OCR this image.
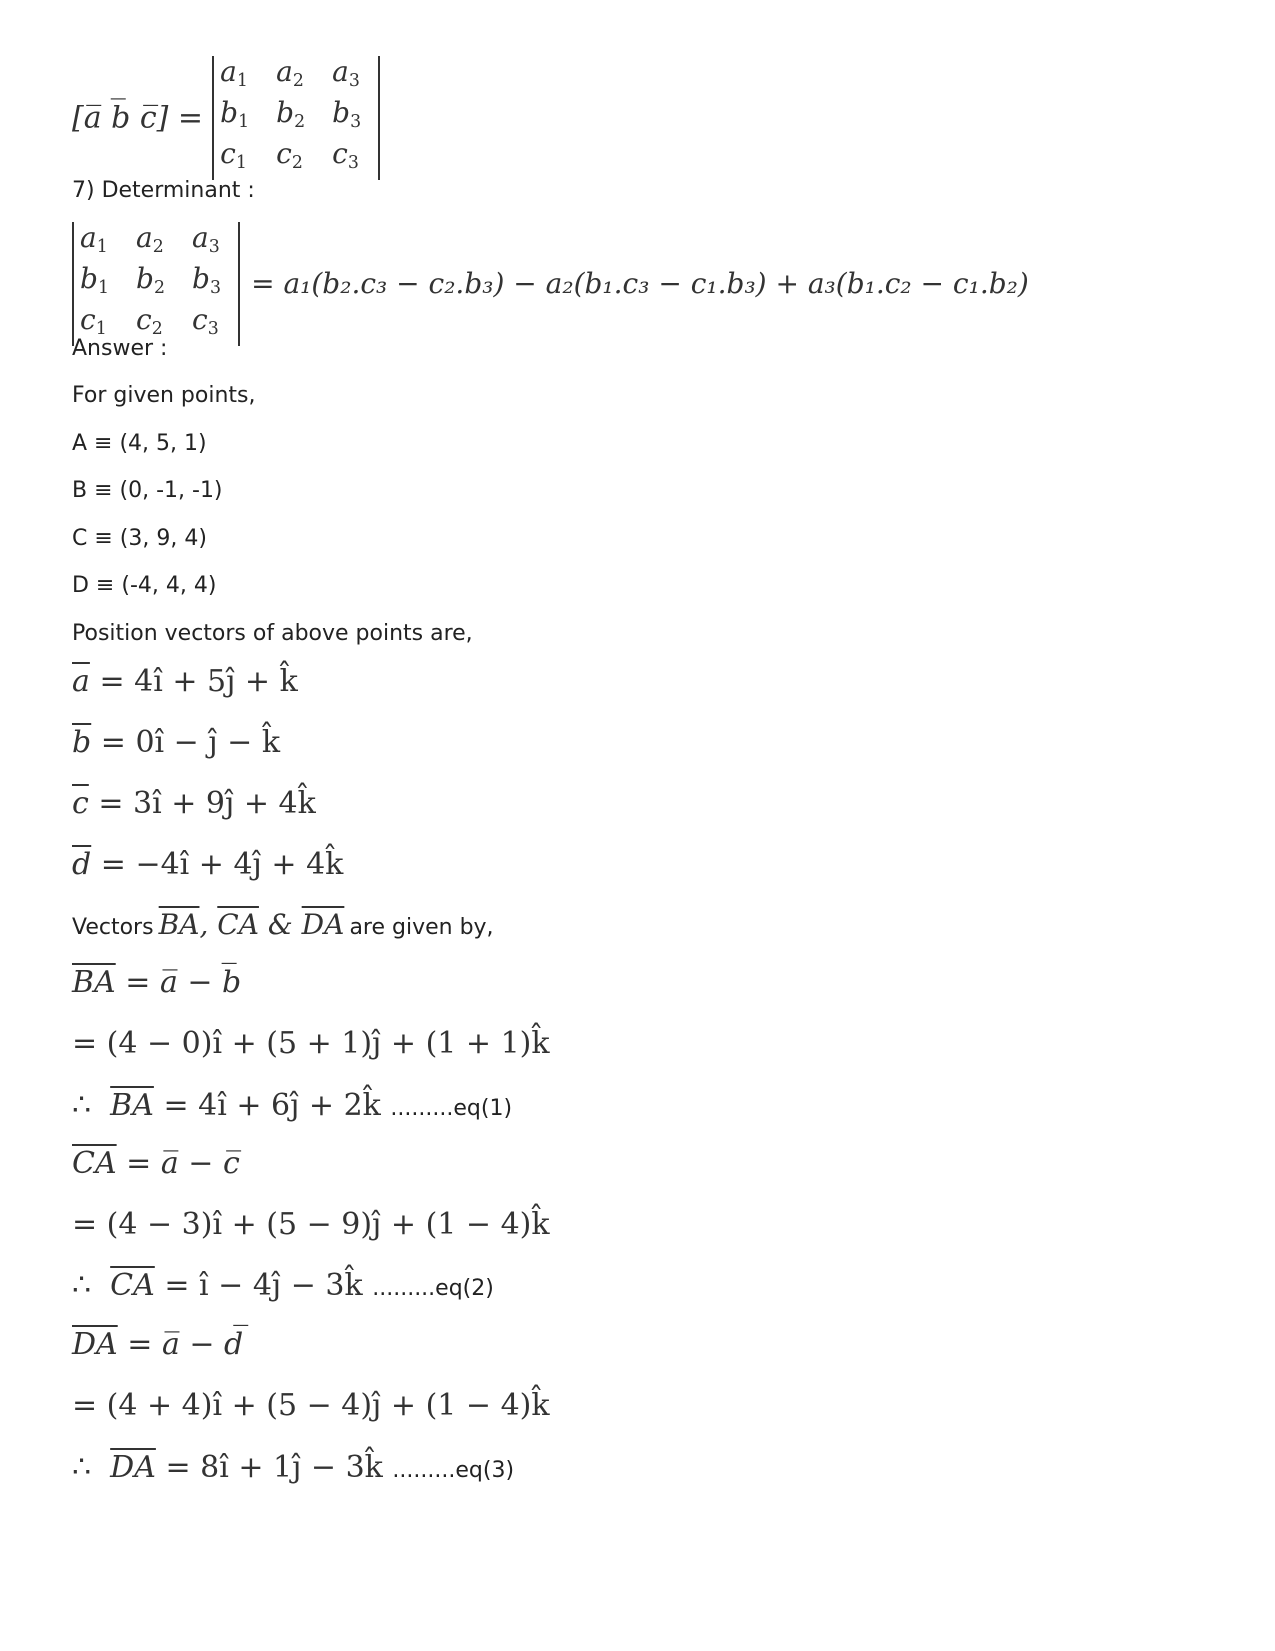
[a̅ b̅ c̅] =
$a_1$	$a_2$	$a_3$
$b_1$ $b_2$ $b_3$
$c_1$	$c_2$	$c_3$
7) Determinant :
$a_1$	$a_2$	$a_3$
$b_1$ $b_2$ $b_3$
$c_1$	$c_2$	$c_3$
= a₁(b₂.c₃ − c₂.b₃) − a₂(b₁.c₃ − c₁.b₃) + a₃(b₁.c₂ − c₁.b₂)
Answer :
For given points,
A ≡ (4, 5, 1)
B ≡ (0, -1, -1)
C ≡ (3, 9, 4)
D ≡ (-4, 4, 4)
Position vectors of above points are,
$\overline{a}$ = 4î + 5ĵ + k̂
$\overline{b}$ = 0î − ĵ − k̂
$\overline{c}$ = 3î + 9ĵ + 4k̂
$\overline{d}$ = −4î + 4ĵ + 4k̂
Vectors $\overline{BA}$, $\overline{CA}$ & $\overline{DA}$ are given by,
$\overline{BA}$ = a̅ − b̅
= (4 − 0)î + (5 + 1)ĵ + (1 + 1)k̂
∴ $\overline{BA}$ = 4î + 6ĵ + 2k̂ .........eq(1)
$\overline{CA}$ = a̅ − c̅
= (4 − 3)î + (5 − 9)ĵ + (1 − 4)k̂
∴ $\overline{CA}$ = î − 4ĵ − 3k̂ .........eq(2)
$\overline{DA}$ = a̅ − d̅
= (4 + 4)î + (5 − 4)ĵ + (1 − 4)k̂
∴ $\overline{DA}$ = 8î + 1ĵ − 3k̂ .........eq(3)
